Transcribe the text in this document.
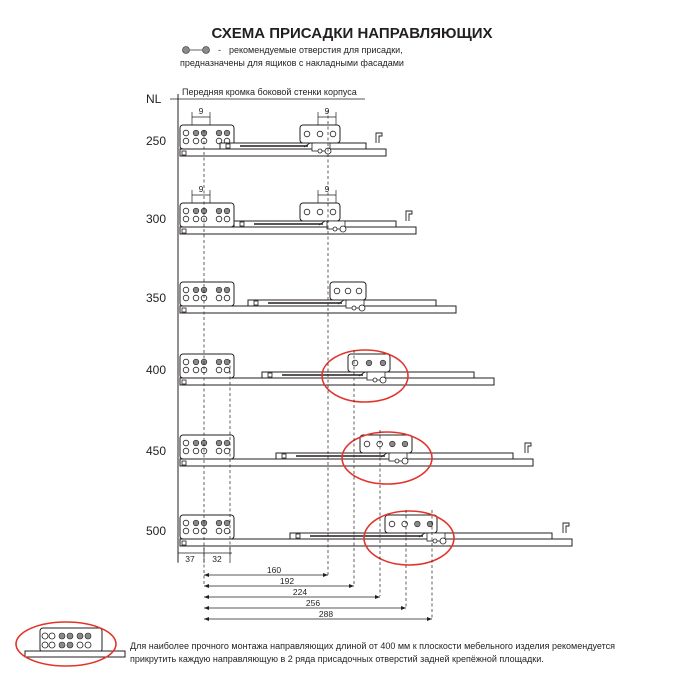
СХЕМА ПРИСАДКИ НАПРАВЛЯЮЩИХ
- рекомендуемые отверстия для присадки,
предназначены для ящиков с накладными фасадами
NL Передняя кромка боковой стенки корпуса
250
9	9
300
9	9
350
400
450
500
37 32
160
192
224
256
288
Для наиболее прочного монтажа направляющих длиной от 400 мм к плоскости мебельного изделия рекомендуется
прикрутить каждую направляющую в 2 ряда присадочных отверстий задней крепёжной площадки.
